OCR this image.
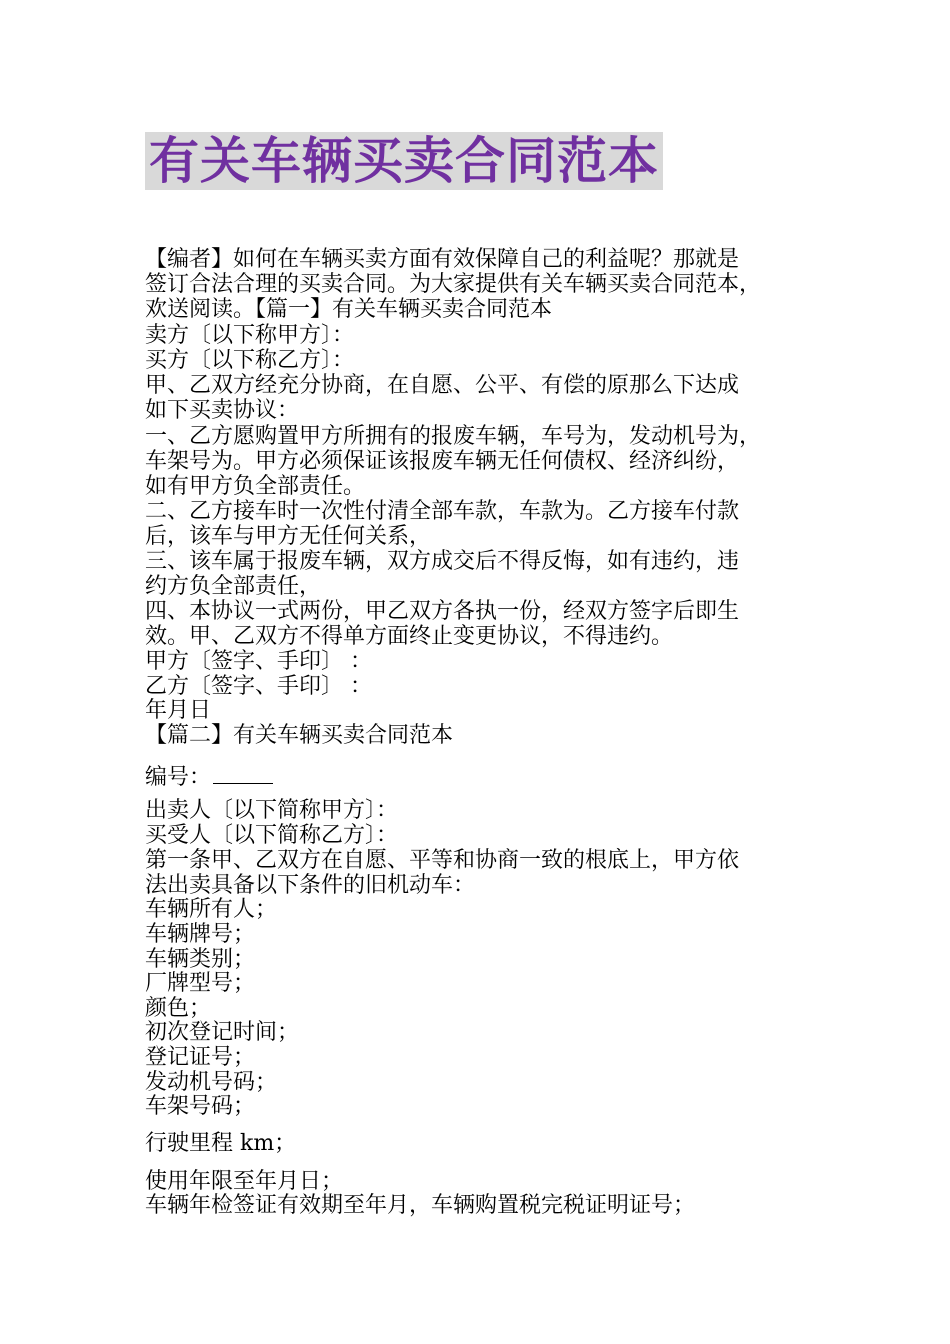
有关车辆买卖合同范本
【编者】如何在车辆买卖方面有效保障自己的利益呢？那就是
签订合法合理的买卖合同。为大家提供有关车辆买卖合同范本，
欢送阅读。【篇一】有关车辆买卖合同范本
卖方〔以下称甲方〕：
买方〔以下称乙方〕：
甲、乙双方经充分协商，在自愿、公平、有偿的原那么下达成
如下买卖协议：
一、乙方愿购置甲方所拥有的报废车辆，车号为，发动机号为，
车架号为。甲方必须保证该报废车辆无任何债权、经济纠纷，
如有甲方负全部责任。
二、乙方接车时一次性付清全部车款，车款为。乙方接车付款
后，该车与甲方无任何关系，
三、该车属于报废车辆，双方成交后不得反悔，如有违约，违
约方负全部责任，
四、本协议一式两份，甲乙双方各执一份，经双方签字后即生
效。甲、乙双方不得单方面终止变更协议，不得违约。
甲方〔签字、手印〕 ：
乙方〔签字、手印〕 ：
年月日
【篇二】有关车辆买卖合同范本
编号：
出卖人〔以下简称甲方〕：
买受人〔以下简称乙方〕：
第一条甲、乙双方在自愿、平等和协商一致的根底上，甲方依
法出卖具备以下条件的旧机动车：
车辆所有人；
车辆牌号；
车辆类别；
厂牌型号；
颜色；
初次登记时间；
登记证号；
发动机号码；
车架号码；
行驶里程 km；
使用年限至年月日；
车辆年检签证有效期至年月，车辆购置税完税证明证号；
